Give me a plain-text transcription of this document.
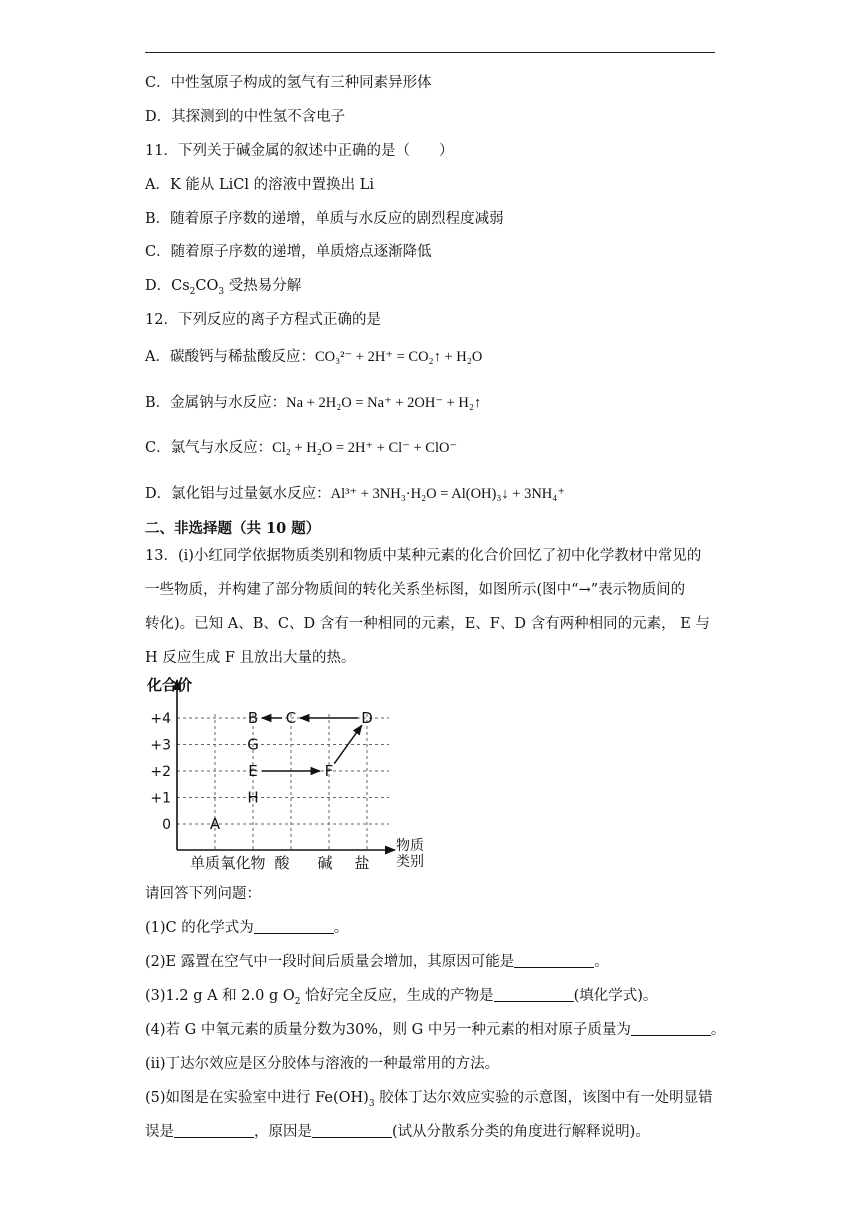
C．中性氢原子构成的氢气有三种同素异形体
D．其探测到的中性氢不含电子
11．下列关于碱金属的叙述中正确的是（　　）
A．K 能从 LiCl 的溶液中置换出 Li
B．随着原子序数的递增，单质与水反应的剧烈程度减弱
C．随着原子序数的递增，单质熔点逐渐降低
D．$Cs_2CO_3$ 受热易分解
12．下列反应的离子方程式正确的是
A．碳酸钙与稀盐酸反应：CO₃²⁻ + 2H⁺ = CO₂↑ + H₂O
B．金属钠与水反应：Na + 2H₂O = Na⁺ + 2OH⁻ + H₂↑
C．氯气与水反应：Cl₂ + H₂O = 2H⁺ + Cl⁻ + ClO⁻
D．氯化铝与过量氨水反应：Al³⁺ + 3NH₃·H₂O = Al(OH)₃↓ + 3NH₄⁺
二、非选择题（共 10 题）
13．(i)小红同学依据物质类别和物质中某种元素的化合价回忆了初中化学教材中常见的
一些物质，并构建了部分物质间的转化关系坐标图，如图所示(图中“→”表示物质间的
转化)。已知 A、B、C、D 含有一种相同的元素，E、F、D 含有两种相同的元素， E 与
H 反应生成 F 且放出大量的热。
化合价
物质
类别
+4
+3
+2
+1
0
单质 氧化物 酸 碱 盐
A
B C	D
G
E	F
H
请回答下列问题：
(1)C 的化学式为	。
(2)E 露置在空气中一段时间后质量会增加，其原因可能是	。
(3)1.2 g A 和 2.0 g $O_2$ 恰好完全反应，生成的产物是	(填化学式)。
(4)若 G 中氧元素的质量分数为30%，则 G 中另一种元素的相对原子质量为	。
(ii)丁达尔效应是区分胶体与溶液的一种最常用的方法。
(5)如图是在实验室中进行 $Fe(OH)_3$ 胶体丁达尔效应实验的示意图，该图中有一处明显错
误是	，原因是	(试从分散系分类的角度进行解释说明)。
